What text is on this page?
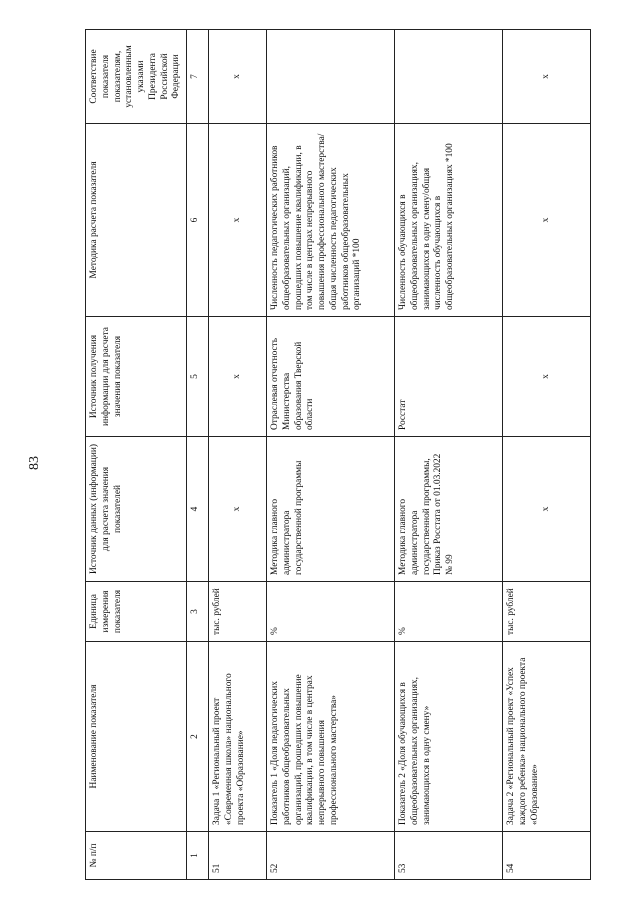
83
№ п/п	Наименование показателя	Единица измерения показателя	Источник данных (информации) для расчета значения показателей	Источник получения информации для расчета значения показателя	Методика расчета показателя	Соответствие показателя показателям, установленным указами Президента Российской Федерации
1	2	3	4	5	6	7
51	Задача 1 «Региональный проект «Современная школа» национального проекта «Образование»	тыс. рублей	x	x	x	x
52	Показатель 1 «Доля педагогических работников общеобразовательных организаций, прошедших повышение квалификации, в том числе в центрах непрерывного повышения профессионального мастерства»	%	Методика главного администратора государственной программы	Отраслевая отчетность Министерства образования Тверской области	Численность педагогических работников общеобразовательных организаций, прошедших повышение квалификации, в том числе в центрах непрерывного повышения профессионального мастерства/общая численность педагогических работников общеобразовательных организаций *100	
53	Показатель 2 «Доля обучающихся в общеобразовательных организациях, занимающихся в одну смену»	%	Методика главного администратора государственной программы, Приказ Росстата от 01.03.2022 № 99	Росстат	Численность обучающихся в общеобразовательных организациях, занимающихся в одну смену/общая численность обучающихся в общеобразовательных организациях *100	
54	Задача 2 «Региональный проект «Успех каждого ребенка» национального проекта «Образование»	тыс. рублей	x	x	x	x
